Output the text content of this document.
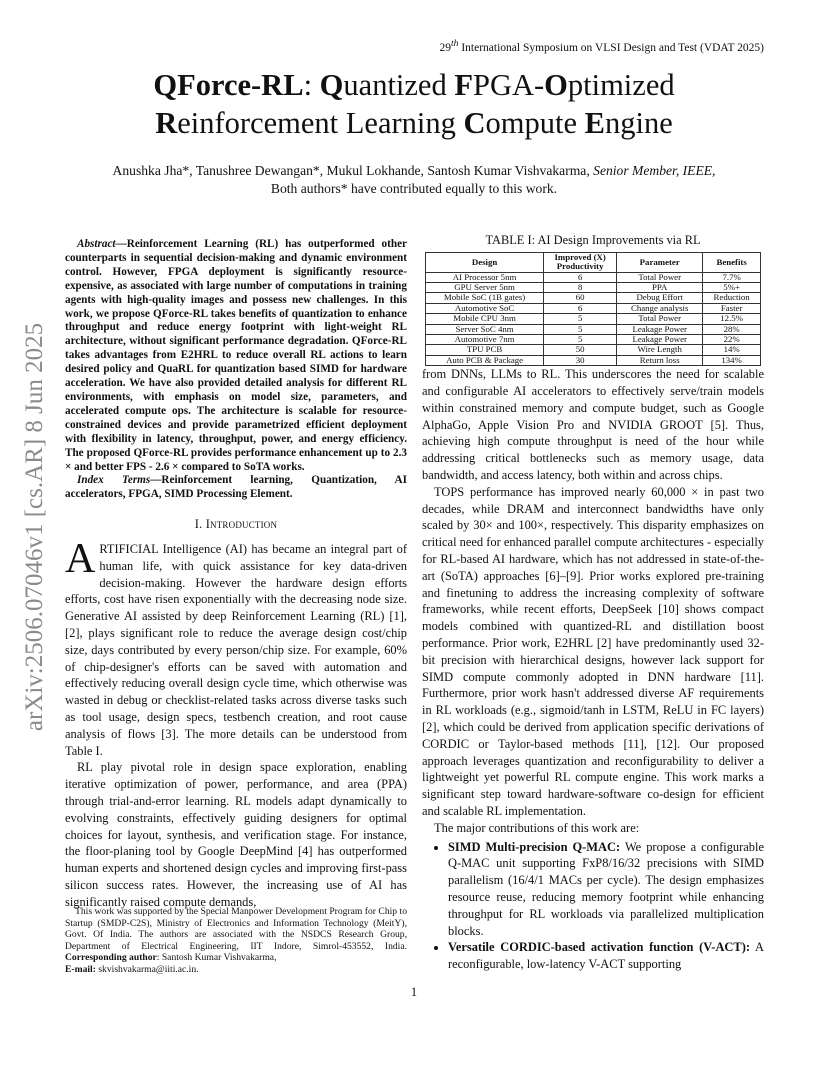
29th International Symposium on VLSI Design and Test (VDAT 2025)
arXiv:2506.07046v1 [cs.AR] 8 Jun 2025
QForce-RL: Quantized FPGA-Optimized
Reinforcement Learning Compute Engine
Anushka Jha*, Tanushree Dewangan*, Mukul Lokhande, Santosh Kumar Vishvakarma, Senior Member, IEEE,
Both authors* have contributed equally to this work.

Abstract—Reinforcement Learning (RL) has outperformed other counterparts in sequential decision-making and dynamic environment control. However, FPGA deployment is significantly resource-expensive, as associated with large number of computations in training agents with high-quality images and possess new challenges. In this work, we propose QForce-RL takes benefits of quantization to enhance throughput and reduce energy footprint with light-weight RL architecture, without significant performance degradation. QForce-RL takes advantages from E2HRL to reduce overall RL actions to learn desired policy and QuaRL for quantization based SIMD for hardware acceleration. We have also provided detailed analysis for different RL environments, with emphasis on model size, parameters, and accelerated compute ops. The architecture is scalable for resource-constrained devices and provide parametrized efficient deployment with flexibility in latency, throughput, power, and energy efficiency. The proposed QForce-RL provides performance enhancement up to 2.3 × and better FPS - 2.6 × compared to SoTA works.

Index Terms—Reinforcement learning, Quantization, AI accelerators, FPGA, SIMD Processing Element.

I. Introduction

ARTIFICIAL Intelligence (AI) has became an integral part of human life, with quick assistance for key data-driven decision-making. However the hardware design efforts efforts, cost have risen exponentially with the decreasing node size. Generative AI assisted by deep Reinforcement Learning (RL) [1], [2], plays significant role to reduce the average design cost/chip size, days contributed by every person/chip size. For example, 60% of chip-designer's efforts can be saved with automation and effectively reducing overall design cycle time, which otherwise was wasted in debug or checklist-related tasks across diverse tasks such as tool usage, design specs, testbench creation, and root cause analysis of flows [3]. The more details can be understood from Table I.

RL play pivotal role in design space exploration, enabling iterative optimization of power, performance, and area (PPA) through trial-and-error learning. RL models adapt dynamically to evolving constraints, effectively guiding designers for optimal choices for layout, synthesis, and verification stage. For instance, the floor-planing tool by Google DeepMind [4] has outperformed human experts and shortened design cycles and improving first-pass silicon success rates. However, the increasing use of AI has significantly raised compute demands,

This work was supported by the Special Manpower Development Program for Chip to Startup (SMDP-C2S), Ministry of Electronics and Information Technology (MeitY), Govt. Of India. The authors are associated with the NSDCS Research Group, Department of Electrical Engineering, IIT Indore, Simrol-453552, India. Corresponding author: Santosh Kumar Vishvakarma,
E-mail: skvishvakarma@iiti.ac.in.

TABLE I: AI Design Improvements via RL
Design	Improved (X) Productivity	Parameter	Benefits
AI Processor 5nm	6	Total Power	7.7%
GPU Server 5nm	8	PPA	5%+
Mobile SoC (1B gates)	60	Debug Effort	Reduction
Automotive SoC	6	Change analysis	Faster
Mobile CPU 3nm	5	Total Power	12.5%
Server SoC 4nm	5	Leakage Power	28%
Automotive 7nm	5	Leakage Power	22%
TPU PCB	50	Wire Length	14%
Auto PCB & Package	30	Return loss	134%

from DNNs, LLMs to RL. This underscores the need for scalable and configurable AI accelerators to effectively serve/train models within constrained memory and compute budget, such as Google AlphaGo, Apple Vision Pro and NVIDIA GROOT [5]. Thus, achieving high compute throughput is need of the hour while addressing critical bottlenecks such as memory usage, data bandwidth, and access latency, both within and across chips.

TOPS performance has improved nearly 60,000 × in past two decades, while DRAM and interconnect bandwidths have only scaled by 30× and 100×, respectively. This disparity emphasizes on critical need for enhanced parallel compute architectures - especially for RL-based AI hardware, which has not addressed in state-of-the-art (SoTA) approaches [6]–[9]. Prior works explored pre-training and finetuning to address the increasing complexity of software frameworks, while recent efforts, DeepSeek [10] shows compact models combined with quantized-RL and distillation boost performance. Prior work, E2HRL [2] have predominantly used 32-bit precision with hierarchical designs, however lack support for SIMD compute commonly adopted in DNN hardware [11]. Furthermore, prior work hasn't addressed diverse AF requirements in RL workloads (e.g., sigmoid/tanh in LSTM, ReLU in FC layers) [2], which could be derived from application specific derivations of CORDIC or Taylor-based methods [11], [12]. Our proposed approach leverages quantization and reconfigurability to deliver a lightweight yet powerful RL compute engine. This work marks a significant step toward hardware-software co-design for efficient and scalable RL implementation.

The major contributions of this work are:

• SIMD Multi-precision Q-MAC: We propose a configurable Q-MAC unit supporting FxP8/16/32 precisions with SIMD parallelism (16/4/1 MACs per cycle). The design emphasizes resource reuse, reducing memory footprint while enhancing throughput for RL workloads via parallelized multiplication blocks.
• Versatile CORDIC-based activation function (V-ACT): A reconfigurable, low-latency V-ACT supporting
1
